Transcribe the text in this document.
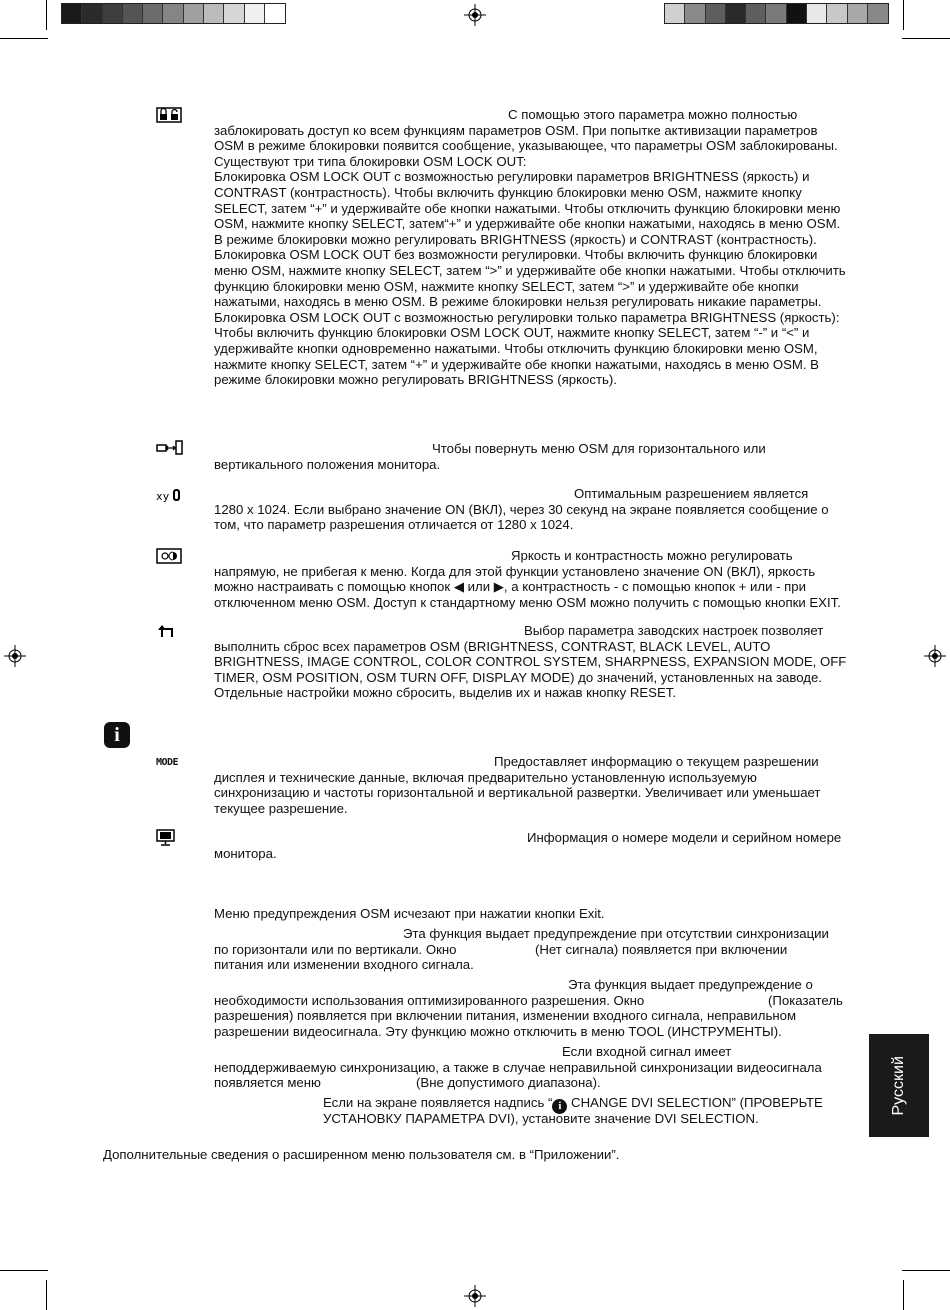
С помощью этого параметра можно полностью
заблокировать доступ ко всем функциям параметров OSM. При попытке активизации параметров OSM в режиме блокировки появится сообщение, указывающее, что параметры OSM заблокированы. Существуют три типа блокировки OSM LOCK OUT:
Блокировка OSM LOCK OUT с возможностью регулировки параметров BRIGHTNESS (яркость) и CONTRAST (контрастность). Чтобы включить функцию блокировки меню OSM, нажмите кнопку SELECT, затем “+” и удерживайте обе кнопки нажатыми. Чтобы отключить функцию блокировки меню OSM, нажмите кнопку SELECT, затем“+” и удерживайте обе кнопки нажатыми, находясь в меню OSM. В режиме блокировки можно регулировать BRIGHTNESS (яркость) и CONTRAST (контрастность).
Блокировка OSM LOCK OUT без возможности регулировки. Чтобы включить функцию блокировки меню OSM, нажмите кнопку SELECT, затем “>” и удерживайте обе кнопки нажатыми. Чтобы отключить функцию блокировки меню OSM, нажмите кнопку SELECT, затем “>” и удерживайте обе кнопки нажатыми, находясь в меню OSM. В режиме блокировки нельзя регулировать никакие параметры.
Блокировка OSM LOCK OUT с возможностью регулировки только параметра BRIGHTNESS (яркость): Чтобы включить функцию блокировки OSM LOCK OUT, нажмите кнопку SELECT, затем “-” и “<” и удерживайте кнопки одновременно нажатыми. Чтобы отключить функцию блокировки меню OSM, нажмите кнопку SELECT, затем “+” и удерживайте обе кнопки нажатыми, находясь в меню OSM. В режиме блокировки можно регулировать BRIGHTNESS (яркость).

Чтобы повернуть меню OSM для горизонтального или
вертикального положения монитора.

xy	Оптимальным разрешением является
1280 x 1024. Если выбрано значение ON (ВКЛ), через 30 секунд на экране появляется сообщение о том, что параметр разрешения отличается от 1280 x 1024.

Яркость и контрастность можно регулировать
напрямую, не прибегая к меню. Когда для этой функции установлено значение ON (ВКЛ), яркость можно настраивать с помощью кнопок ◀ или ▶, а контрастность - с помощью кнопок + или - при отключенном меню OSM. Доступ к стандартному меню OSM можно получить с помощью кнопки EXIT.

Выбор параметра заводских настроек позволяет
выполнить сброс всех параметров OSM (BRIGHTNESS, CONTRAST, BLACK LEVEL, AUTO BRIGHTNESS, IMAGE CONTROL, COLOR CONTROL SYSTEM, SHARPNESS, EXPANSION MODE, OFF TIMER, OSM POSITION, OSM TURN OFF, DISPLAY MODE) до значений, установленных на заводе. Отдельные настройки можно сбросить, выделив их и нажав кнопку RESET.

i
MODE	Предоставляет информацию о текущем разрешении
дисплея и технические данные, включая предварительно установленную используемую синхронизацию и частоты горизонтальной и вертикальной развертки. Увеличивает или уменьшает текущее разрешение.

Информация о номере модели и серийном номере
монитора.

Меню предупреждения OSM исчезают при нажатии кнопки Exit.
Эта функция выдает предупреждение при отсутствии синхронизации
по горизонтали или по вертикали. Окно	(Нет сигнала) появляется при включении
питания или изменении входного сигнала.
Эта функция выдает предупреждение о
необходимости использования оптимизированного разрешения. Окно	(Показатель
разрешения) появляется при включении питания, изменении входного сигнала, неправильном разрешении видеосигнала. Эту функцию можно отключить в меню TOOL (ИНСТРУМЕНТЫ).
Если входной сигнал имеет
неподдерживаемую синхронизацию, а также в случае неправильной синхронизации видеосигнала
появляется меню	(Вне допустимого диапазона).
Если на экране появляется надпись “ i CHANGE DVI SELECTION” (ПРОВЕРЬТЕ
УСТАНОВКУ ПАРАМЕТРА DVI), установите значение DVI SELECTION.
Русский
Дополнительные сведения о расширенном меню пользователя см. в “Приложении”.
